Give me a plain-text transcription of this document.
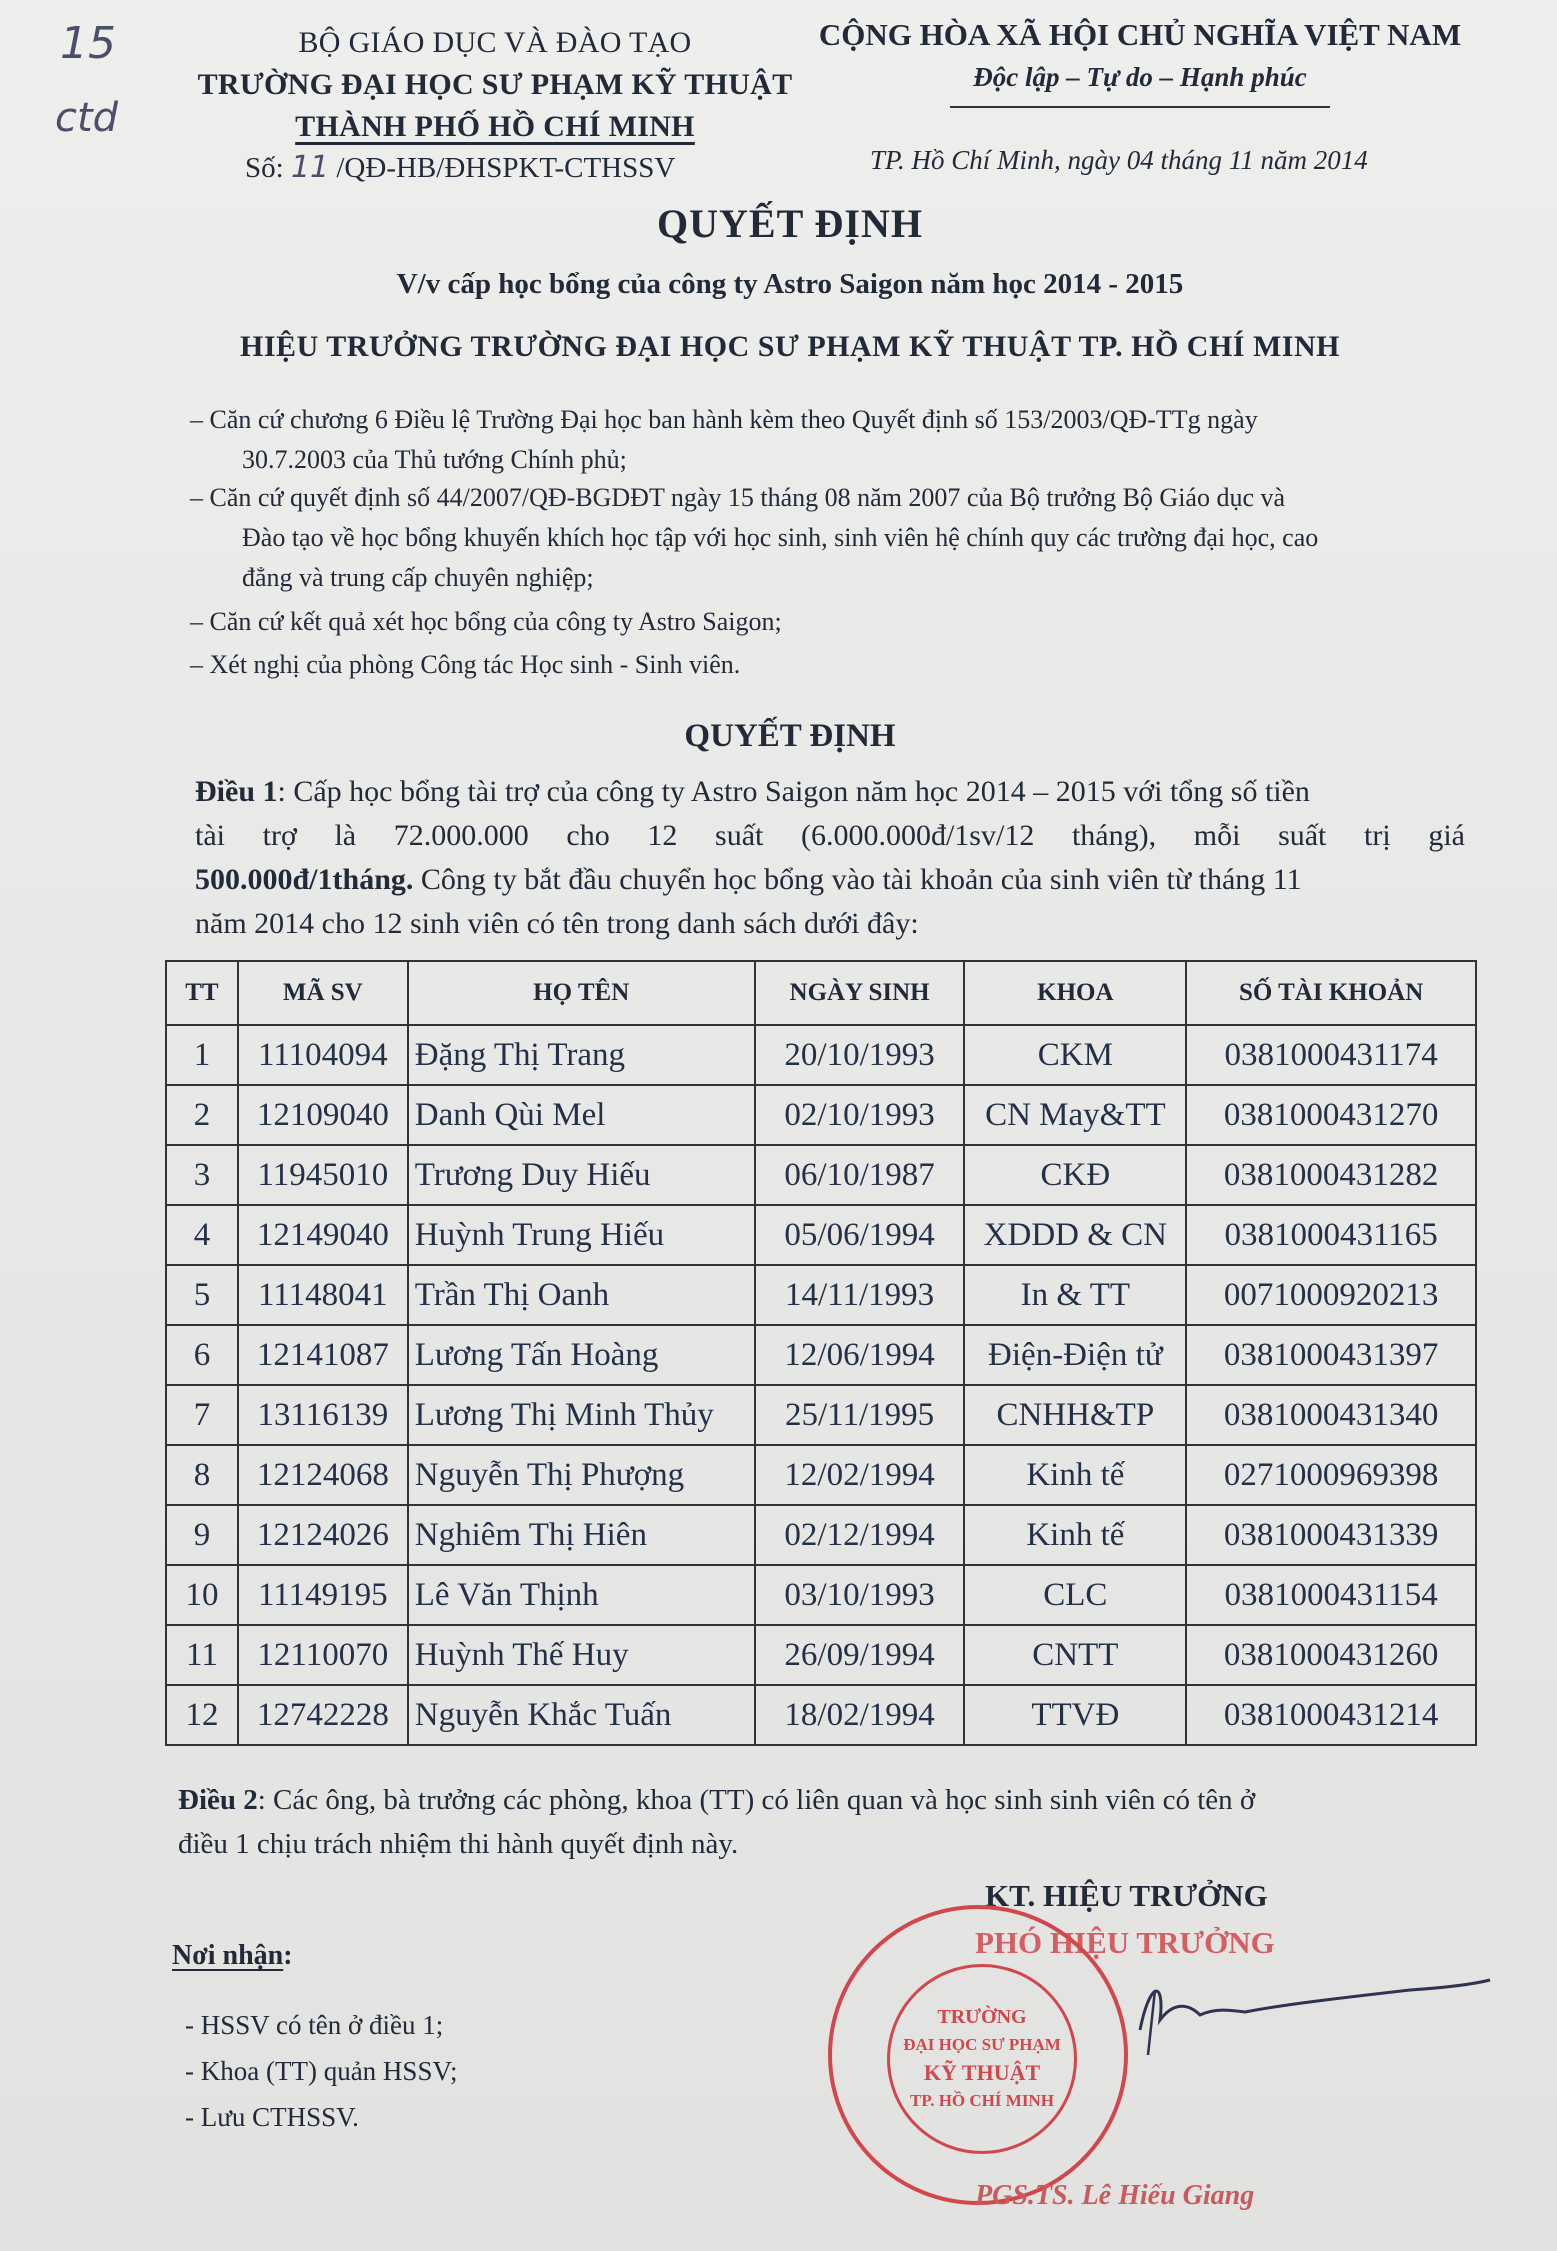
15
ctd
BỘ GIÁO DỤC VÀ ĐÀO TẠO
TRƯỜNG ĐẠI HỌC SƯ PHẠM KỸ THUẬT
THÀNH PHỐ HỒ CHÍ MINH
Số: 11 /QĐ-HB/ĐHSPKT-CTHSSV
CỘNG HÒA XÃ HỘI CHỦ NGHĨA VIỆT NAM
Độc lập – Tự do – Hạnh phúc
TP. Hồ Chí Minh, ngày 04 tháng 11 năm 2014
QUYẾT ĐỊNH
V/v cấp học bổng của công ty Astro Saigon năm học 2014 - 2015
HIỆU TRƯỞNG TRƯỜNG ĐẠI HỌC SƯ PHẠM KỸ THUẬT TP. HỒ CHÍ MINH
– Căn cứ chương 6 Điều lệ Trường Đại học ban hành kèm theo Quyết định số 153/2003/QĐ-TTg ngày
30.7.2003 của Thủ tướng Chính phủ;
– Căn cứ quyết định số 44/2007/QĐ-BGDĐT ngày 15 tháng 08 năm 2007 của Bộ trưởng Bộ Giáo dục và
Đào tạo về học bổng khuyến khích học tập với học sinh, sinh viên hệ chính quy các trường đại học, cao
đẳng và trung cấp chuyên nghiệp;
– Căn cứ kết quả xét học bổng của công ty Astro Saigon;
– Xét nghị của phòng Công tác Học sinh - Sinh viên.
QUYẾT ĐỊNH
Điều 1: Cấp học bổng tài trợ của công ty Astro Saigon năm học 2014 – 2015 với tổng số tiền
tài trợ là 72.000.000 cho 12 suất (6.000.000đ/1sv/12 tháng), mỗi suất trị giá
500.000đ/1tháng. Công ty bắt đầu chuyển học bổng vào tài khoản của sinh viên từ tháng 11
năm 2014 cho 12 sinh viên có tên trong danh sách dưới đây:
TT	MÃ SV	HỌ TÊN	NGÀY SINH	KHOA	SỐ TÀI KHOẢN
1	11104094	Đặng Thị Trang	20/10/1993	CKM	0381000431174
2	12109040	Danh Qùi Mel	02/10/1993	CN May&TT	0381000431270
3	11945010	Trương Duy Hiếu	06/10/1987	CKĐ	0381000431282
4	12149040	Huỳnh Trung Hiếu	05/06/1994	XDDD & CN	0381000431165
5	11148041	Trần Thị Oanh	14/11/1993	In & TT	0071000920213
6	12141087	Lương Tấn Hoàng	12/06/1994	Điện-Điện tử	0381000431397
7	13116139	Lương Thị Minh Thủy	25/11/1995	CNHH&TP	0381000431340
8	12124068	Nguyễn Thị Phượng	12/02/1994	Kinh tế	0271000969398
9	12124026	Nghiêm Thị Hiên	02/12/1994	Kinh tế	0381000431339
10	11149195	Lê Văn Thịnh	03/10/1993	CLC	0381000431154
11	12110070	Huỳnh Thế Huy	26/09/1994	CNTT	0381000431260
12	12742228	Nguyễn Khắc Tuấn	18/02/1994	TTVĐ	0381000431214
Điều 2: Các ông, bà trưởng các phòng, khoa (TT) có liên quan và học sinh sinh viên có tên ở
điều 1 chịu trách nhiệm thi hành quyết định này.
Nơi nhận:
- HSSV có tên ở điều 1;
- Khoa (TT) quản HSSV;
- Lưu CTHSSV.
KT. HIỆU TRƯỞNG
PHÓ HIỆU TRƯỞNG
TRƯỜNG
ĐẠI HỌC SƯ PHẠM
KỸ THUẬT
TP. HỒ CHÍ MINH
PGS.TS. Lê Hiếu Giang
